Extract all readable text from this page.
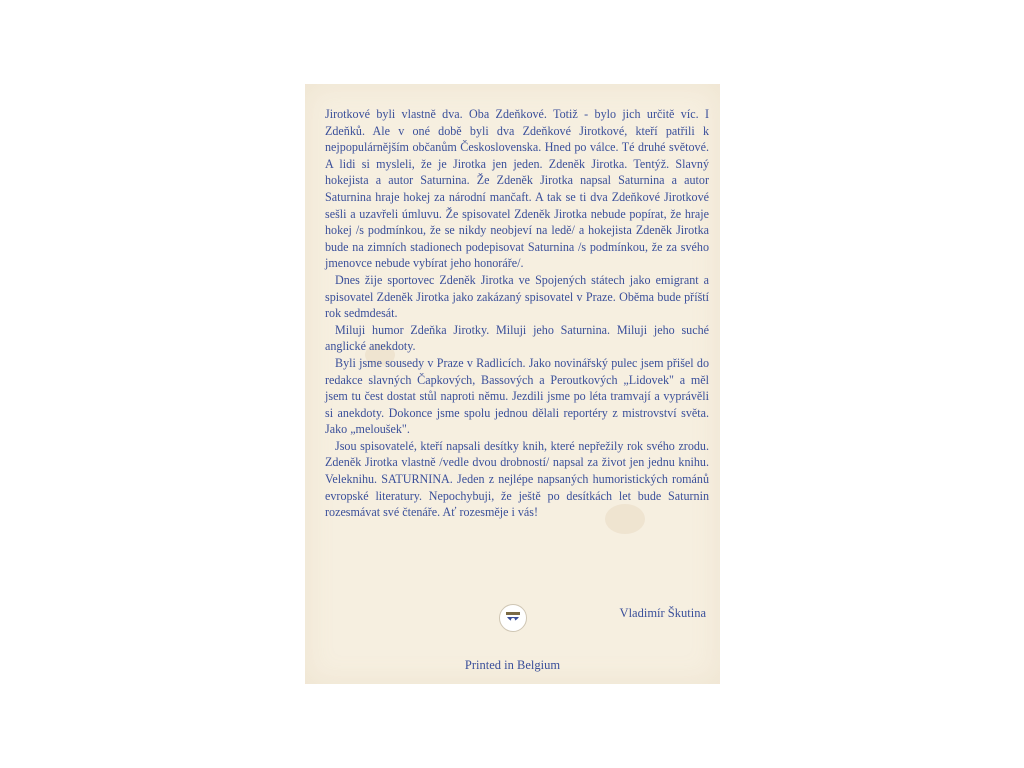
Jirotkové byli vlastně dva. Oba Zdeňkové. Totiž - bylo jich určitě víc. I Zdeňků. Ale v oné době byli dva Zdeňkové Jirotkové, kteří patřili k nejpopulárnějším občanům Československa. Hned po válce. Té druhé světové. A lidi si mysleli, že je Jirotka jen jeden. Zdeněk Jirotka. Tentýž. Slavný hokejista a autor Saturnina. Že Zdeněk Jirotka napsal Saturnina a autor Saturnina hraje hokej za národní mančaft. A tak se ti dva Zdeňkové Jirotkové sešli a uzavřeli úmluvu. Že spisovatel Zdeněk Jirotka nebude popírat, že hraje hokej /s podmínkou, že se nikdy neobjeví na ledě/ a hokejista Zdeněk Jirotka bude na zimních stadionech podepisovat Saturnina /s podmínkou, že za svého jmenovce nebude vybírat jeho honoráře/.

Dnes žije sportovec Zdeněk Jirotka ve Spojených státech jako emigrant a spisovatel Zdeněk Jirotka jako zakázaný spisovatel v Praze. Oběma bude příští rok sedmdesát.

Miluji humor Zdeňka Jirotky. Miluji jeho Saturnina. Miluji jeho suché anglické anekdoty.

Byli jsme sousedy v Praze v Radlicích. Jako novinářský pulec jsem přišel do redakce slavných Čapkových, Bassových a Peroutkových „Lidovek" a měl jsem tu čest dostat stůl naproti němu. Jezdili jsme po léta tramvají a vyprávěli si anekdoty. Dokonce jsme spolu jednou dělali reportéry z mistrovství světa. Jako „meloušek".

Jsou spisovatelé, kteří napsali desítky knih, které nepřežily rok svého zrodu. Zdeněk Jirotka vlastně /vedle dvou drobností/ napsal za život jen jednu knihu. Veleknihu. SATURNINA. Jeden z nejlépe napsaných humoristických románů evropské literatury. Nepochybuji, že ještě po desítkách let bude Saturnin rozesmávat své čtenáře. Ať rozesměje i vás!

Vladimír Škutina
Printed in Belgium
